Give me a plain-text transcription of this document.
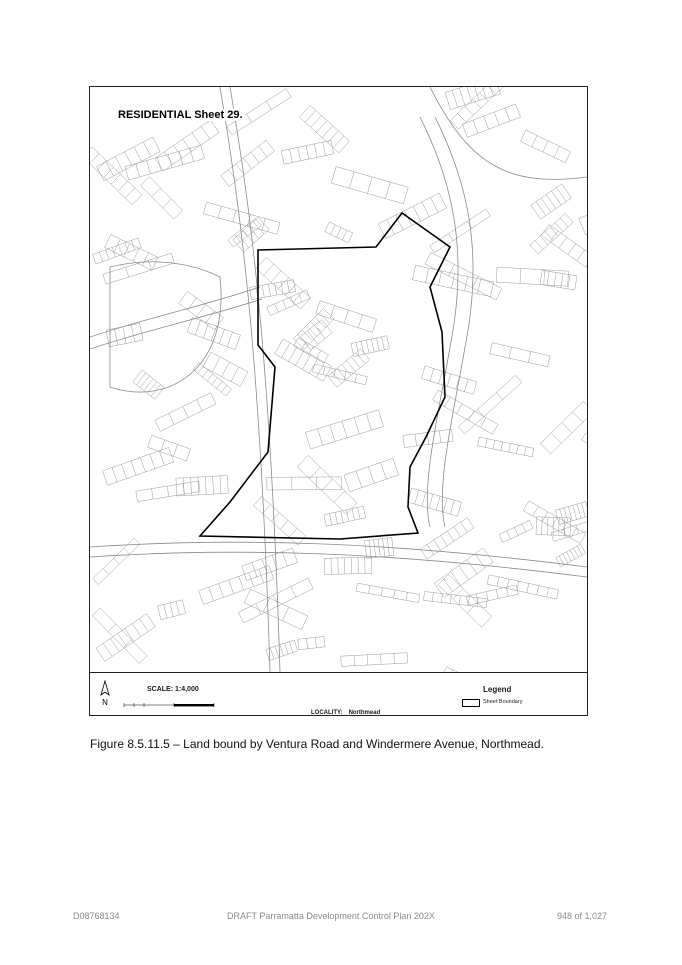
RESIDENTIAL Sheet 29.
N
SCALE: 1:4,000
LOCALITY: Northmead
Legend
Sheet Boundary
Figure 8.5.11.5 – Land bound by Ventura Road and Windermere Avenue, Northmead.
D08768134	DRAFT Parramatta Development Control Plan 202X	948 of 1,027
